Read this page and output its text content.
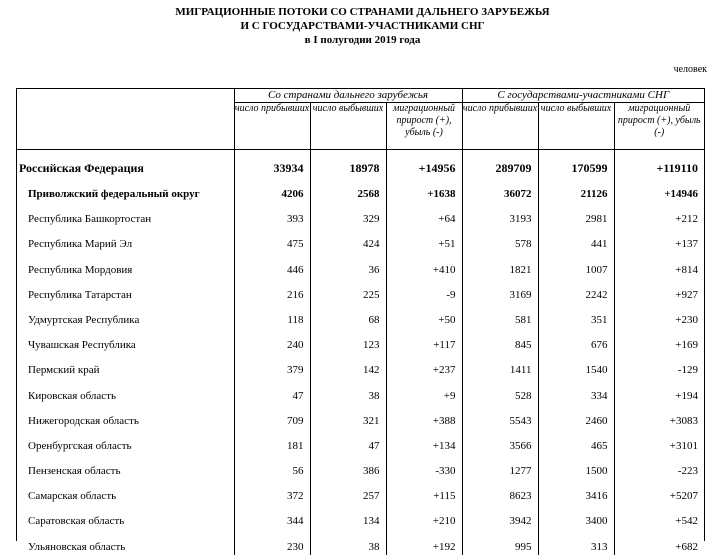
МИГРАЦИОННЫЕ ПОТОКИ СО СТРАНАМИ ДАЛЬНЕГО ЗАРУБЕЖЬЯ
И С ГОСУДАРСТВАМИ-УЧАСТНИКАМИ СНГ
в I полугодии 2019 года
человек
	Со странами дальнего зарубежья			С государствами-участниками СНГ		
	число прибывших	число выбывших	миграционный прирост (+), убыль (-)	число прибывших	число выбывших	миграционный прирост (+), убыль (-)
Российская Федерация	33934	18978	+14956	289709	170599	+119110
Приволжский федеральный округ	4206	2568	+1638	36072	21126	+14946
Республика Башкортостан	393	329	+64	3193	2981	+212
Республика Марий Эл	475	424	+51	578	441	+137
Республика Мордовия	446	36	+410	1821	1007	+814
Республика Татарстан	216	225	-9	3169	2242	+927
Удмуртская Республика	118	68	+50	581	351	+230
Чувашская Республика	240	123	+117	845	676	+169
Пермский край	379	142	+237	1411	1540	-129
Кировская область	47	38	+9	528	334	+194
Нижегородская область	709	321	+388	5543	2460	+3083
Оренбургская область	181	47	+134	3566	465	+3101
Пензенская область	56	386	-330	1277	1500	-223
Самарская область	372	257	+115	8623	3416	+5207
Саратовская область	344	134	+210	3942	3400	+542
Ульяновская область	230	38	+192	995	313	+682
